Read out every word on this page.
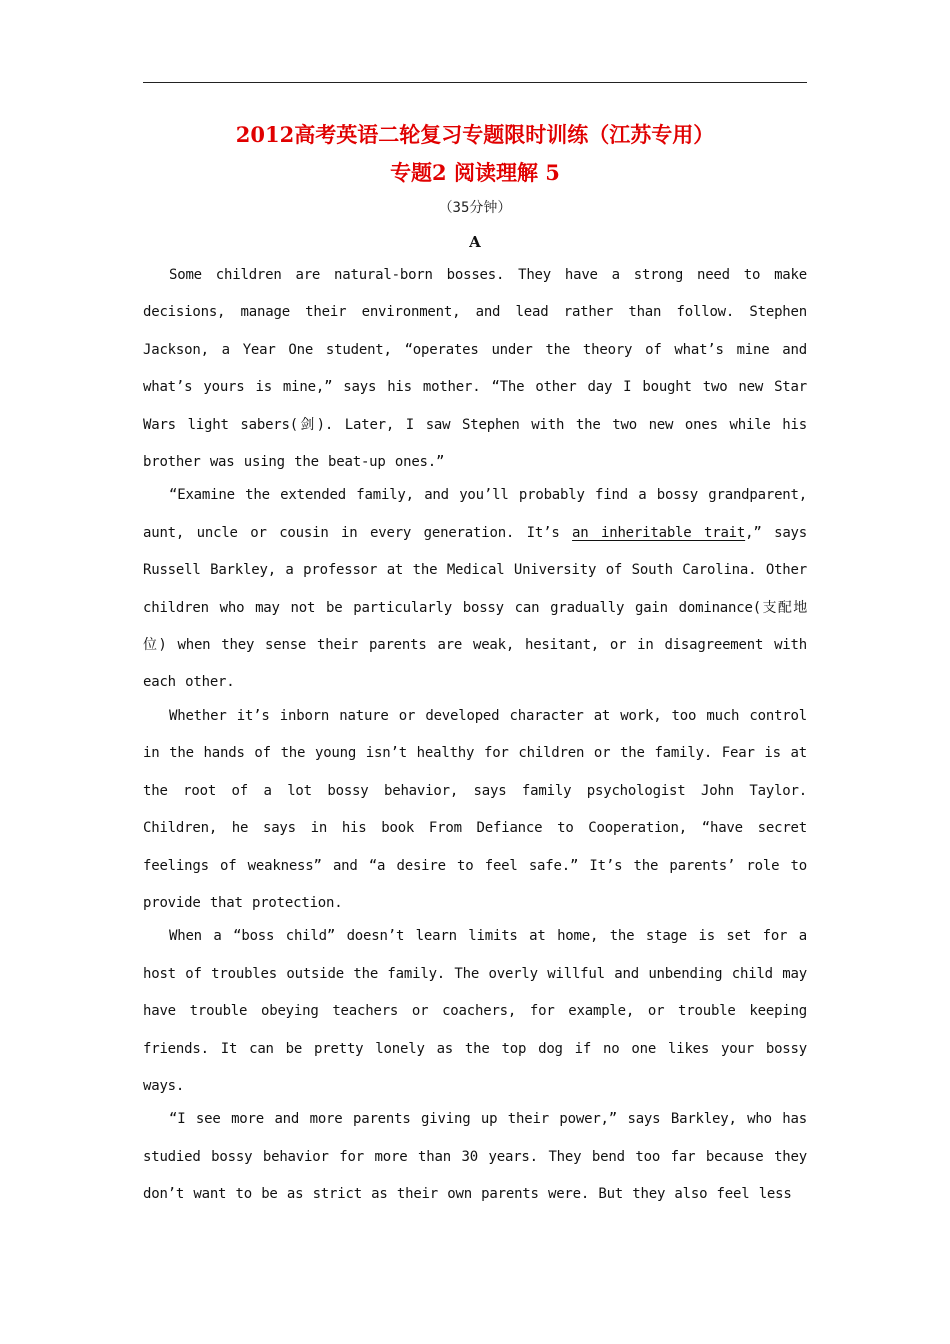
2012高考英语二轮复习专题限时训练（江苏专用）
专题2 阅读理解 5
（35分钟）
A

Some children are natural-born bosses. They have a strong need to make decisions, manage their environment, and lead rather than follow. Stephen Jackson, a Year One student, “operates under the theory of what’s mine and what’s yours is mine,” says his mother. “The other day I bought two new Star Wars light sabers(剑). Later, I saw Stephen with the two new ones while his brother was using the beat-up ones.”

“Examine the extended family, and you’ll probably find a bossy grandparent, aunt, uncle or cousin in every generation. It’s an inheritable trait,” says Russell Barkley, a professor at the Medical University of South Carolina. Other children who may not be particularly bossy can gradually gain dominance(支配地位) when they sense their parents are weak, hesitant, or in disagreement with each other.

Whether it’s inborn nature or developed character at work, too much control in the hands of the young isn’t healthy for children or the family. Fear is at the root of a lot bossy behavior, says family psychologist John Taylor. Children, he says in his book From Defiance to Cooperation, “have secret feelings of weakness” and “a desire to feel safe.” It’s the parents’ role to provide that protection.

When a “boss child” doesn’t learn limits at home, the stage is set for a host of troubles outside the family. The overly willful and unbending child may have trouble obeying teachers or coachers, for example, or trouble keeping friends. It can be pretty lonely as the top dog if no one likes your bossy ways.

“I see more and more parents giving up their power,” says Barkley, who has studied bossy behavior for more than 30 years. They bend too far because they don’t want to be as strict as their own parents were. But they also feel less
